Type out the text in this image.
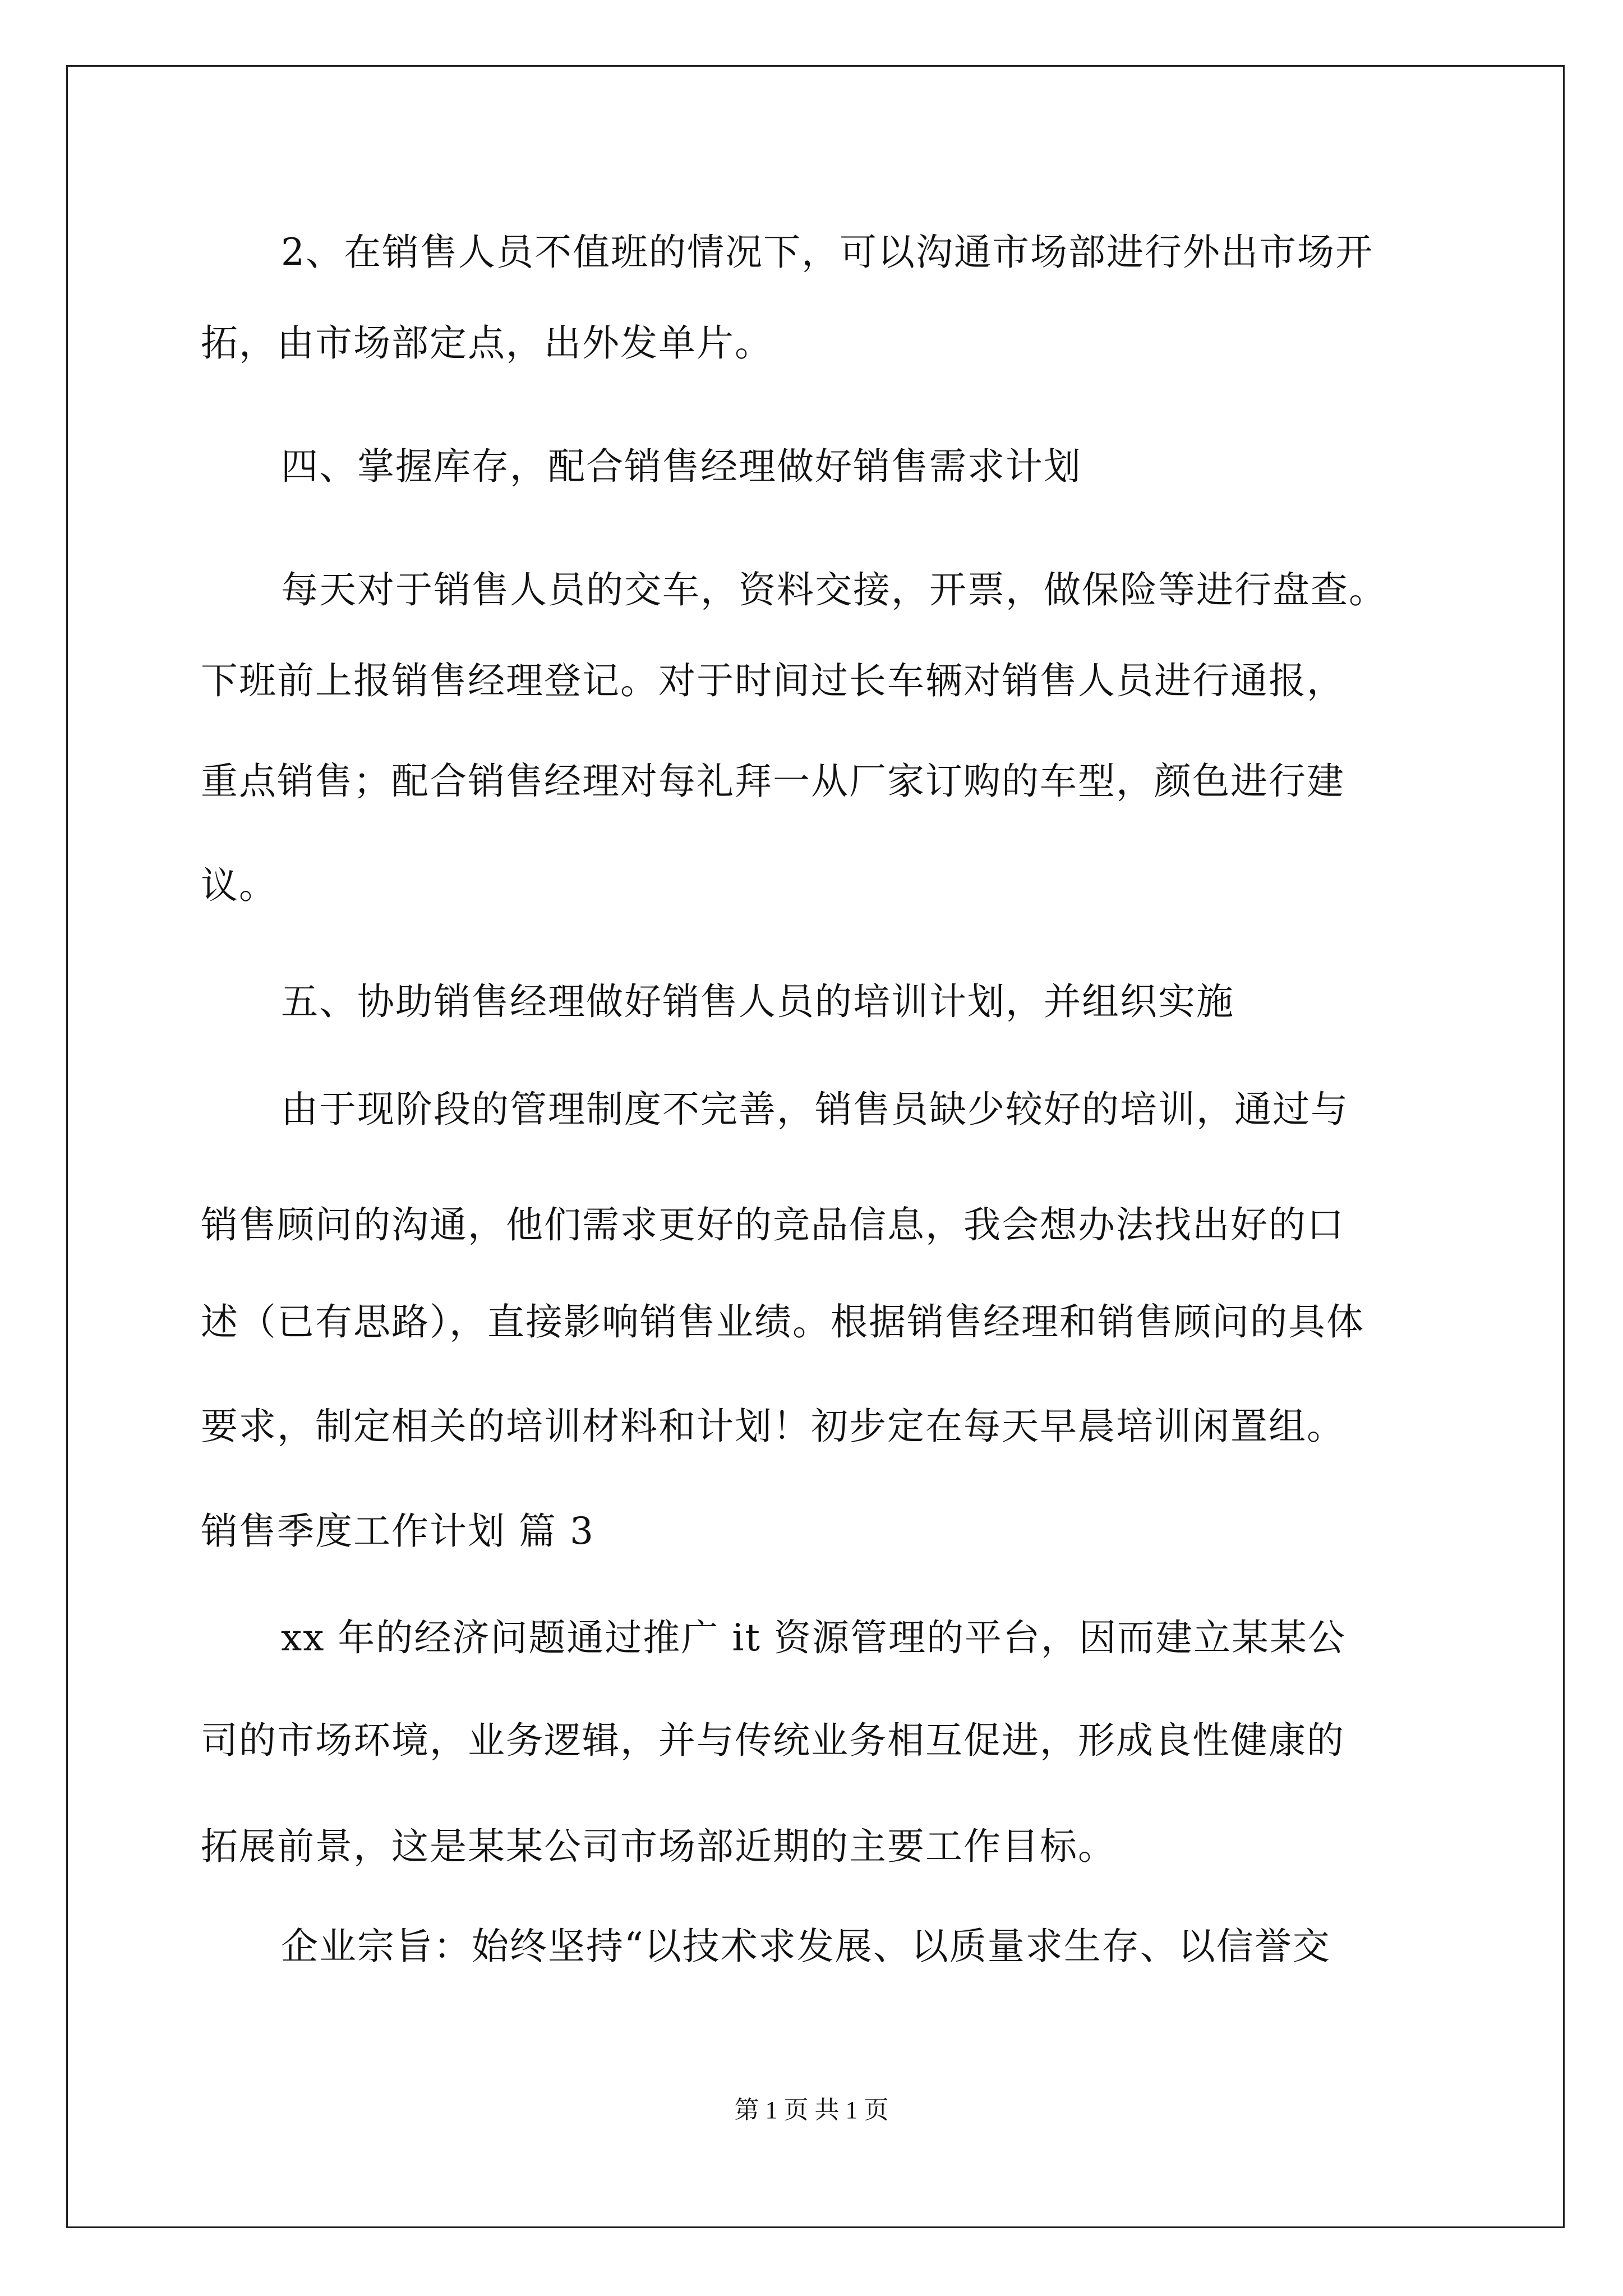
2、在销售人员不值班的情况下，可以沟通市场部进行外出市场开
拓，由市场部定点，出外发单片。
四、掌握库存，配合销售经理做好销售需求计划
每天对于销售人员的交车，资料交接，开票，做保险等进行盘查。
下班前上报销售经理登记。对于时间过长车辆对销售人员进行通报，
重点销售；配合销售经理对每礼拜一从厂家订购的车型，颜色进行建
议。
五、协助销售经理做好销售人员的培训计划，并组织实施
由于现阶段的管理制度不完善，销售员缺少较好的培训，通过与
销售顾问的沟通，他们需求更好的竞品信息，我会想办法找出好的口
述（已有思路），直接影响销售业绩。根据销售经理和销售顾问的具体
要求，制定相关的培训材料和计划！初步定在每天早晨培训闲置组。
销售季度工作计划 篇 3
xx 年的经济问题通过推广 it 资源管理的平台，因而建立某某公
司的市场环境，业务逻辑，并与传统业务相互促进，形成良性健康的
拓展前景，这是某某公司市场部近期的主要工作目标。
企业宗旨：始终坚持“以技术求发展、以质量求生存、以信誉交
第 1 页 共 1 页
